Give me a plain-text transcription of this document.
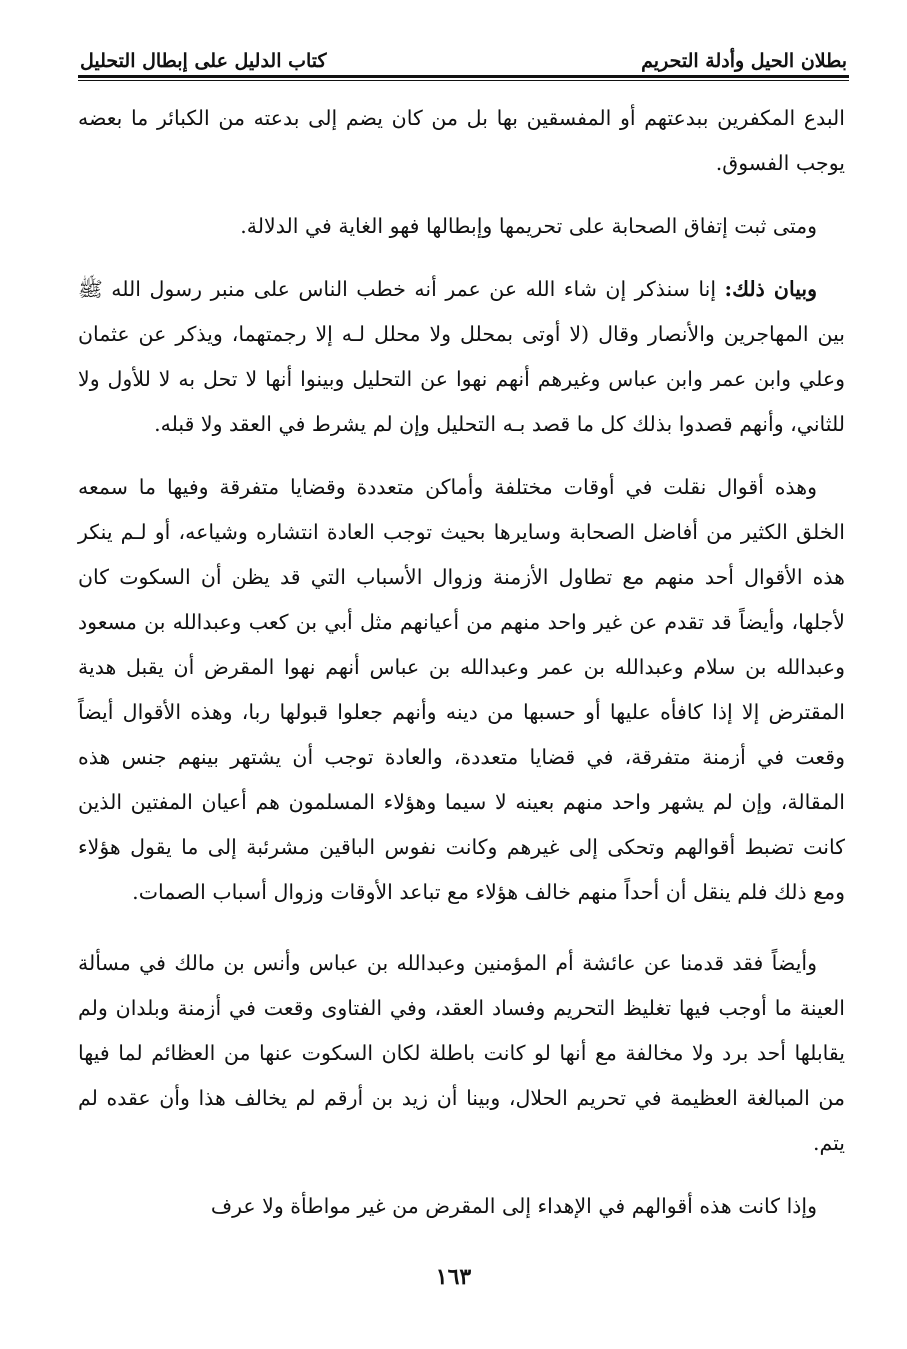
بطلان الحيل وأدلة التحريم
كتاب الدليل على إبطال التحليل

البدع المكفرين ببدعتهم أو المفسقين بها بل من كان يضم إلى بدعته من الكبائر ما بعضه يوجب الفسوق.

ومتى ثبت إتفاق الصحابة على تحريمها وإبطالها فهو الغاية في الدلالة.

وبيان ذلك: إنا سنذكر إن شاء الله عن عمر أنه خطب الناس على منبر رسول الله ﷺ بين المهاجرين والأنصار وقال (لا أوتى بمحلل ولا محلل لـه إلا رجمتهما، ويذكر عن عثمان وعلي وابن عمر وابن عباس وغيرهم أنهم نهوا عن التحليل وبينوا أنها لا تحل به لا للأول ولا للثاني، وأنهم قصدوا بذلك كل ما قصد بـه التحليل وإن لم يشرط في العقد ولا قبله.

وهذه أقوال نقلت في أوقات مختلفة وأماكن متعددة وقضايا متفرقة وفيها ما سمعه الخلق الكثير من أفاضل الصحابة وسايرها بحيث توجب العادة انتشاره وشياعه، أو لـم ينكر هذه الأقوال أحد منهم مع تطاول الأزمنة وزوال الأسباب التي قد يظن أن السكوت كان لأجلها، وأيضاً قد تقدم عن غير واحد منهم من أعيانهم مثل أبي بن كعب وعبدالله بن مسعود وعبدالله بن سلام وعبدالله بن عمر وعبدالله بن عباس أنهم نهوا المقرض أن يقبل هدية المقترض إلا إذا كافأه عليها أو حسبها من دينه وأنهم جعلوا قبولها ربا، وهذه الأقوال أيضاً وقعت في أزمنة متفرقة، في قضايا متعددة، والعادة توجب أن يشتهر بينهم جنس هذه المقالة، وإن لم يشهر واحد منهم بعينه لا سيما وهؤلاء المسلمون هم أعيان المفتين الذين كانت تضبط أقوالهم وتحكى إلى غيرهم وكانت نفوس الباقين مشرئبة إلى ما يقول هؤلاء ومع ذلك فلم ينقل أن أحداً منهم خالف هؤلاء مع تباعد الأوقات وزوال أسباب الصمات.

وأيضاً فقد قدمنا عن عائشة أم المؤمنين وعبدالله بن عباس وأنس بن مالك في مسألة العينة ما أوجب فيها تغليظ التحريم وفساد العقد، وفي الفتاوى وقعت في أزمنة وبلدان ولم يقابلها أحد برد ولا مخالفة مع أنها لو كانت باطلة لكان السكوت عنها من العظائم لما فيها من المبالغة العظيمة في تحريم الحلال، وبينا أن زيد بن أرقم لم يخالف هذا وأن عقده لم يتم.

وإذا كانت هذه أقوالهم في الإهداء إلى المقرض من غير مواطأة ولا عرف

١٦٣
